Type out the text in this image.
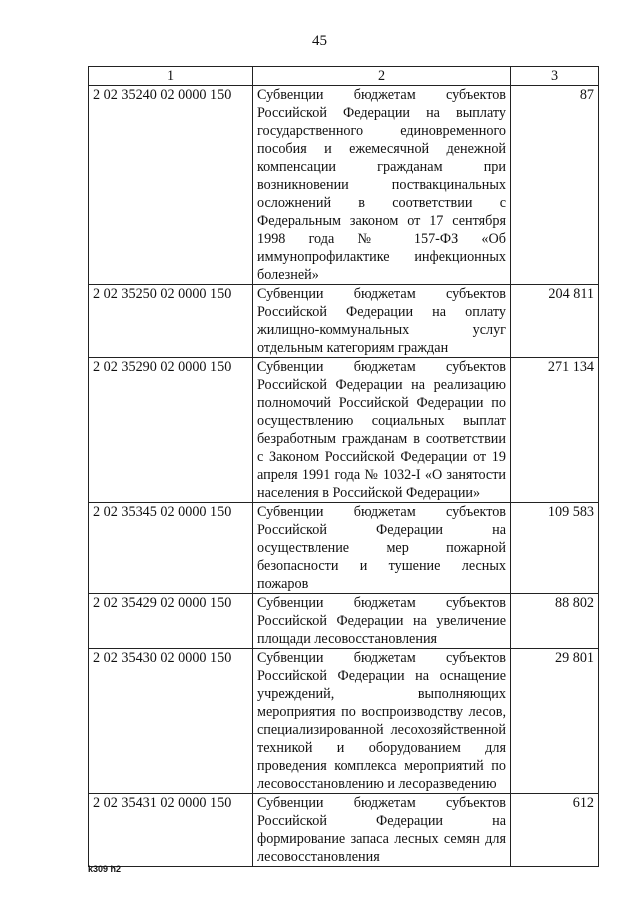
45
1	2	3
2 02 35240 02 0000 150	Субвенции бюджетам субъектов Российской Федерации на выплату государственного единовременного пособия и ежемесячной денежной компенсации гражданам при возникновении поствакцинальных осложнений в соответствии с Федеральным законом от 17 сентября 1998 года № 157-ФЗ «Об иммунопрофилактике инфекционных болезней»	87
2 02 35250 02 0000 150	Субвенции бюджетам субъектов Российской Федерации на оплату жилищно-коммунальных услуг отдельным категориям граждан	204 811
2 02 35290 02 0000 150	Субвенции бюджетам субъектов Российской Федерации на реализацию полномочий Российской Федерации по осуществлению социальных выплат безработным гражданам в соответствии с Законом Российской Федерации от 19 апреля 1991 года № 1032-I «О занятости населения в Российской Федерации»	271 134
2 02 35345 02 0000 150	Субвенции бюджетам субъектов Российской Федерации на осуществление мер пожарной безопасности и тушение лесных пожаров	109 583
2 02 35429 02 0000 150	Субвенции бюджетам субъектов Российской Федерации на увеличение площади лесовосстановления	88 802
2 02 35430 02 0000 150	Субвенции бюджетам субъектов Российской Федерации на оснащение учреждений, выполняющих мероприятия по воспроизводству лесов, специализированной лесохозяйственной техникой и оборудованием для проведения комплекса мероприятий по лесовосстановлению и лесоразведению	29 801
2 02 35431 02 0000 150	Субвенции бюджетам субъектов Российской Федерации на формирование запаса лесных семян для лесовосстановления	612
k309 h2
